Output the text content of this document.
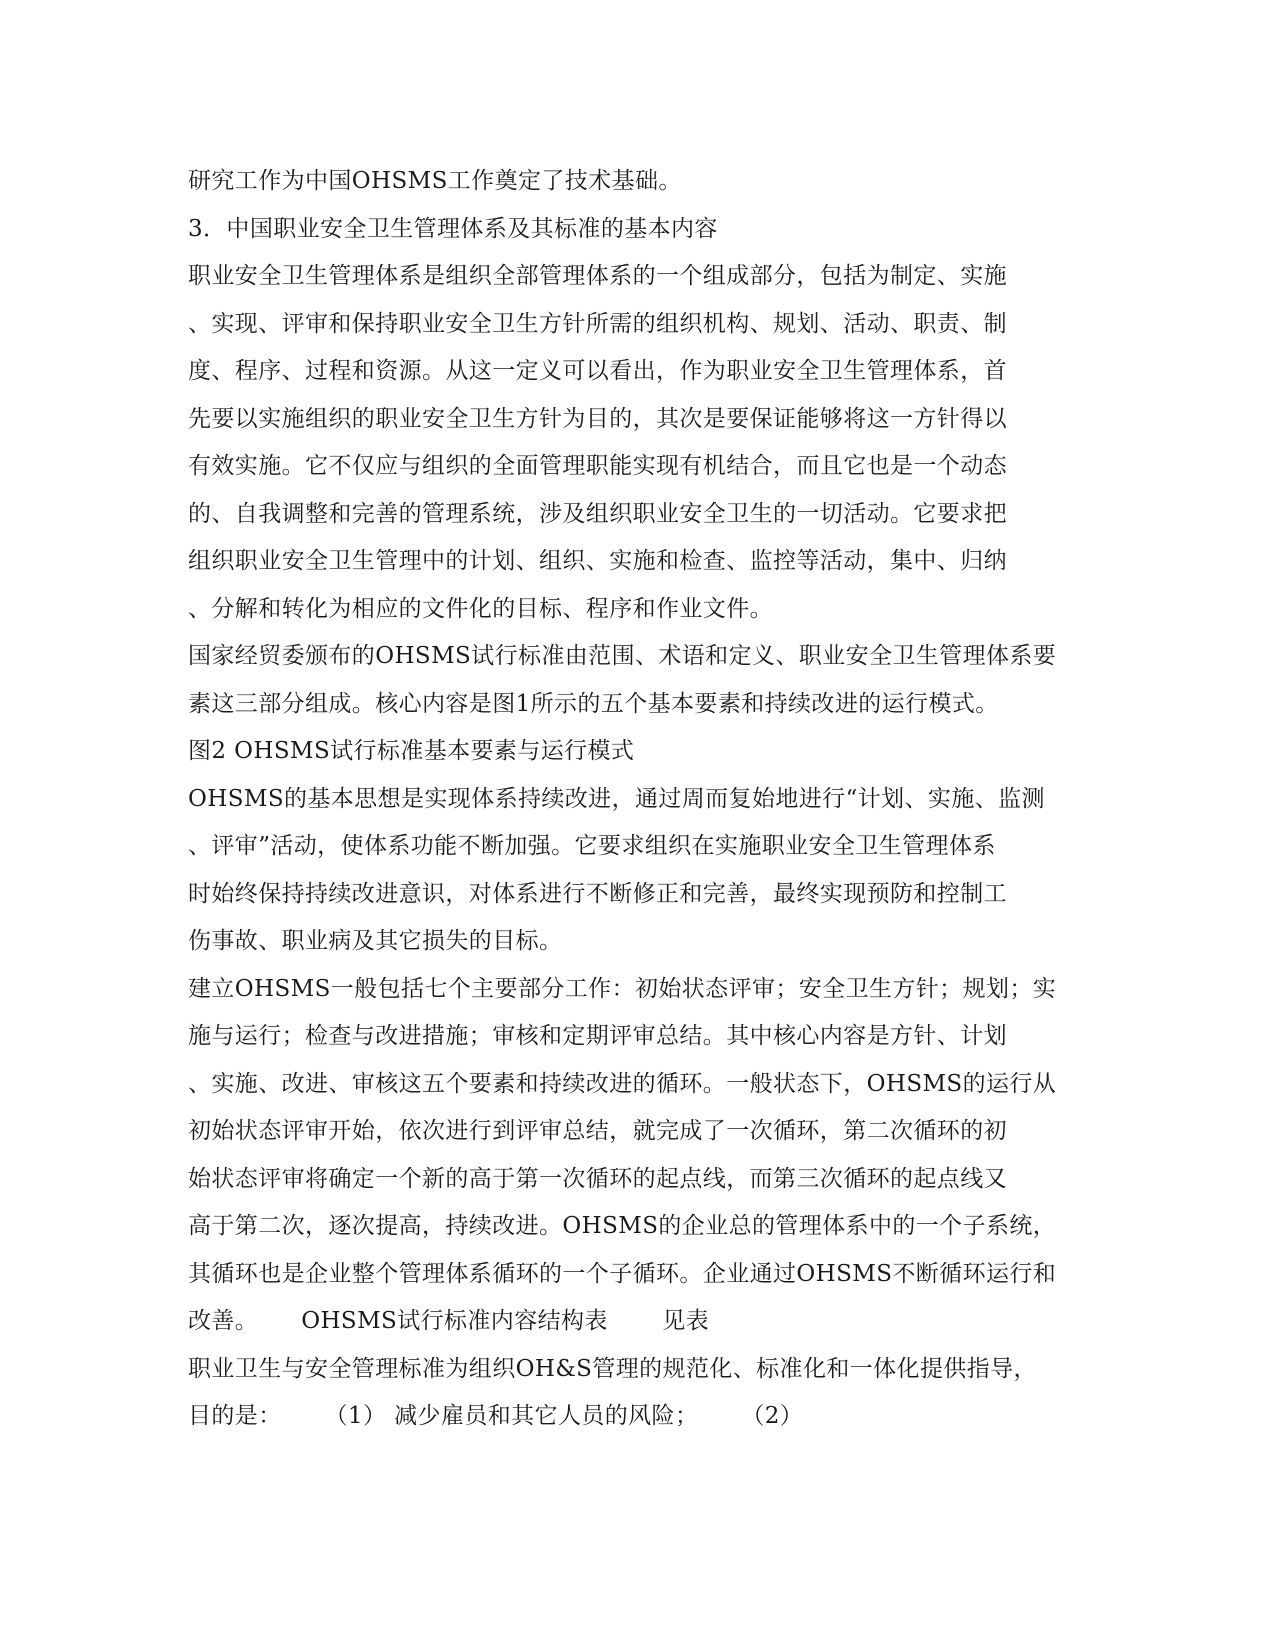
研究工作为中国OHSMS工作奠定了技术基础。
3．中国职业安全卫生管理体系及其标准的基本内容
职业安全卫生管理体系是组织全部管理体系的一个组成部分，包括为制定、实施
、实现、评审和保持职业安全卫生方针所需的组织机构、规划、活动、职责、制
度、程序、过程和资源。从这一定义可以看出，作为职业安全卫生管理体系，首
先要以实施组织的职业安全卫生方针为目的，其次是要保证能够将这一方针得以
有效实施。它不仅应与组织的全面管理职能实现有机结合，而且它也是一个动态
的、自我调整和完善的管理系统，涉及组织职业安全卫生的一切活动。它要求把
组织职业安全卫生管理中的计划、组织、实施和检查、监控等活动，集中、归纳
、分解和转化为相应的文件化的目标、程序和作业文件。
国家经贸委颁布的OHSMS试行标准由范围、术语和定义、职业安全卫生管理体系要
素这三部分组成。核心内容是图1所示的五个基本要素和持续改进的运行模式。
图2 OHSMS试行标准基本要素与运行模式
OHSMS的基本思想是实现体系持续改进，通过周而复始地进行“计划、实施、监测
、评审”活动，使体系功能不断加强。它要求组织在实施职业安全卫生管理体系
时始终保持持续改进意识，对体系进行不断修正和完善，最终实现预防和控制工
伤事故、职业病及其它损失的目标。
建立OHSMS一般包括七个主要部分工作：初始状态评审；安全卫生方针；规划；实
施与运行；检查与改进措施；审核和定期评审总结。其中核心内容是方针、计划
、实施、改进、审核这五个要素和持续改进的循环。一般状态下，OHSMS的运行从
初始状态评审开始，依次进行到评审总结，就完成了一次循环，第二次循环的初
始状态评审将确定一个新的高于第一次循环的起点线，而第三次循环的起点线又
高于第二次，逐次提高，持续改进。OHSMS的企业总的管理体系中的一个子系统，
其循环也是企业整个管理体系循环的一个子循环。企业通过OHSMS不断循环运行和
改善。　　 OHSMS试行标准内容结构表　　 见表
职业卫生与安全管理标准为组织OH&S管理的规范化、标准化和一体化提供指导，
目的是：　　 （1） 减少雇员和其它人员的风险；　　 （2）
